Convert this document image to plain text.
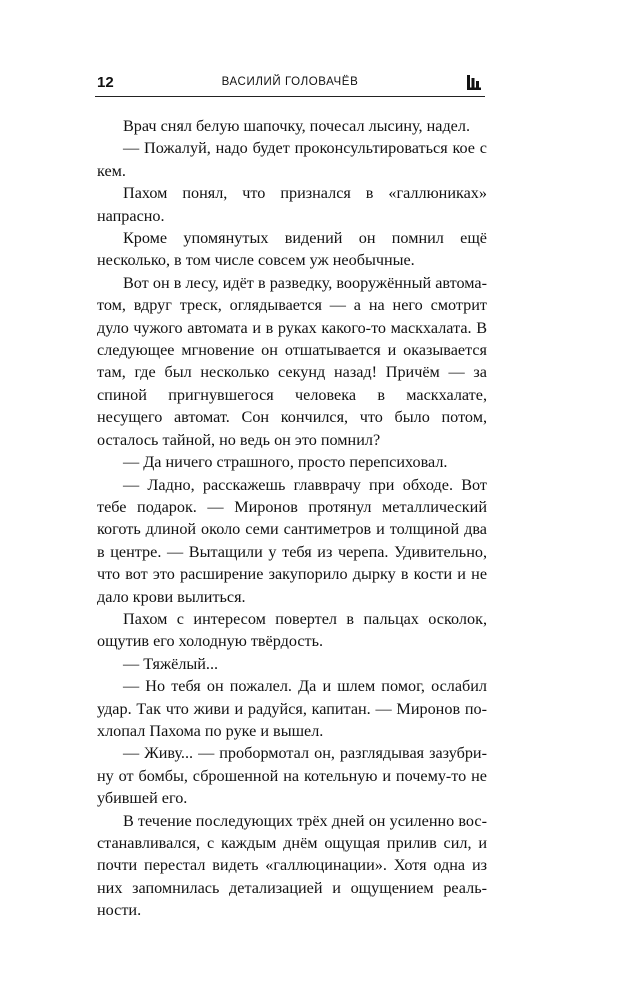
12	ВАСИЛИЙ ГОЛОВАЧЁВ

Врач снял белую шапочку, почесал лысину, надел.

— Пожалуй, надо будет проконсультироваться кое с кем.

Пахом понял, что признался в «галлюниках» напрасно.

Кроме упомянутых видений он помнил ещё несколько, в том числе совсем уж необычные.

Вот он в лесу, идёт в разведку, вооружённый автоматом, вдруг треск, оглядывается — а на него смотрит дуло чужого автомата и в руках какого-то маскхалата. В следующее мгновение он отшатывается и оказывается там, где был несколько секунд назад! Причём — за спиной пригнувшегося человека в маскхалате, несущего автомат. Сон кончился, что было потом, осталось тайной, но ведь он это помнил?

— Да ничего страшного, просто перепсиховал.

— Ладно, расскажешь главврачу при обходе. Вот тебе подарок. — Миронов протянул металлический коготь длиной около семи сантиметров и толщиной два в центре. — Вытащили у тебя из черепа. Удивительно, что вот это расширение закупорило дырку в кости и не дало крови вылиться.

Пахом с интересом повертел в пальцах осколок, ощутив его холодную твёрдость.

— Тяжёлый...

— Но тебя он пожалел. Да и шлем помог, ослабил удар. Так что живи и радуйся, капитан. — Миронов похлопал Пахома по руке и вышел.

— Живу... — пробормотал он, разглядывая зазубрину от бомбы, сброшенной на котельную и почему-то не убившей его.

В течение последующих трёх дней он усиленно восстанавливался, с каждым днём ощущая прилив сил, и почти перестал видеть «галлюцинации». Хотя одна из них запомнилась детализацией и ощущением реальности.
